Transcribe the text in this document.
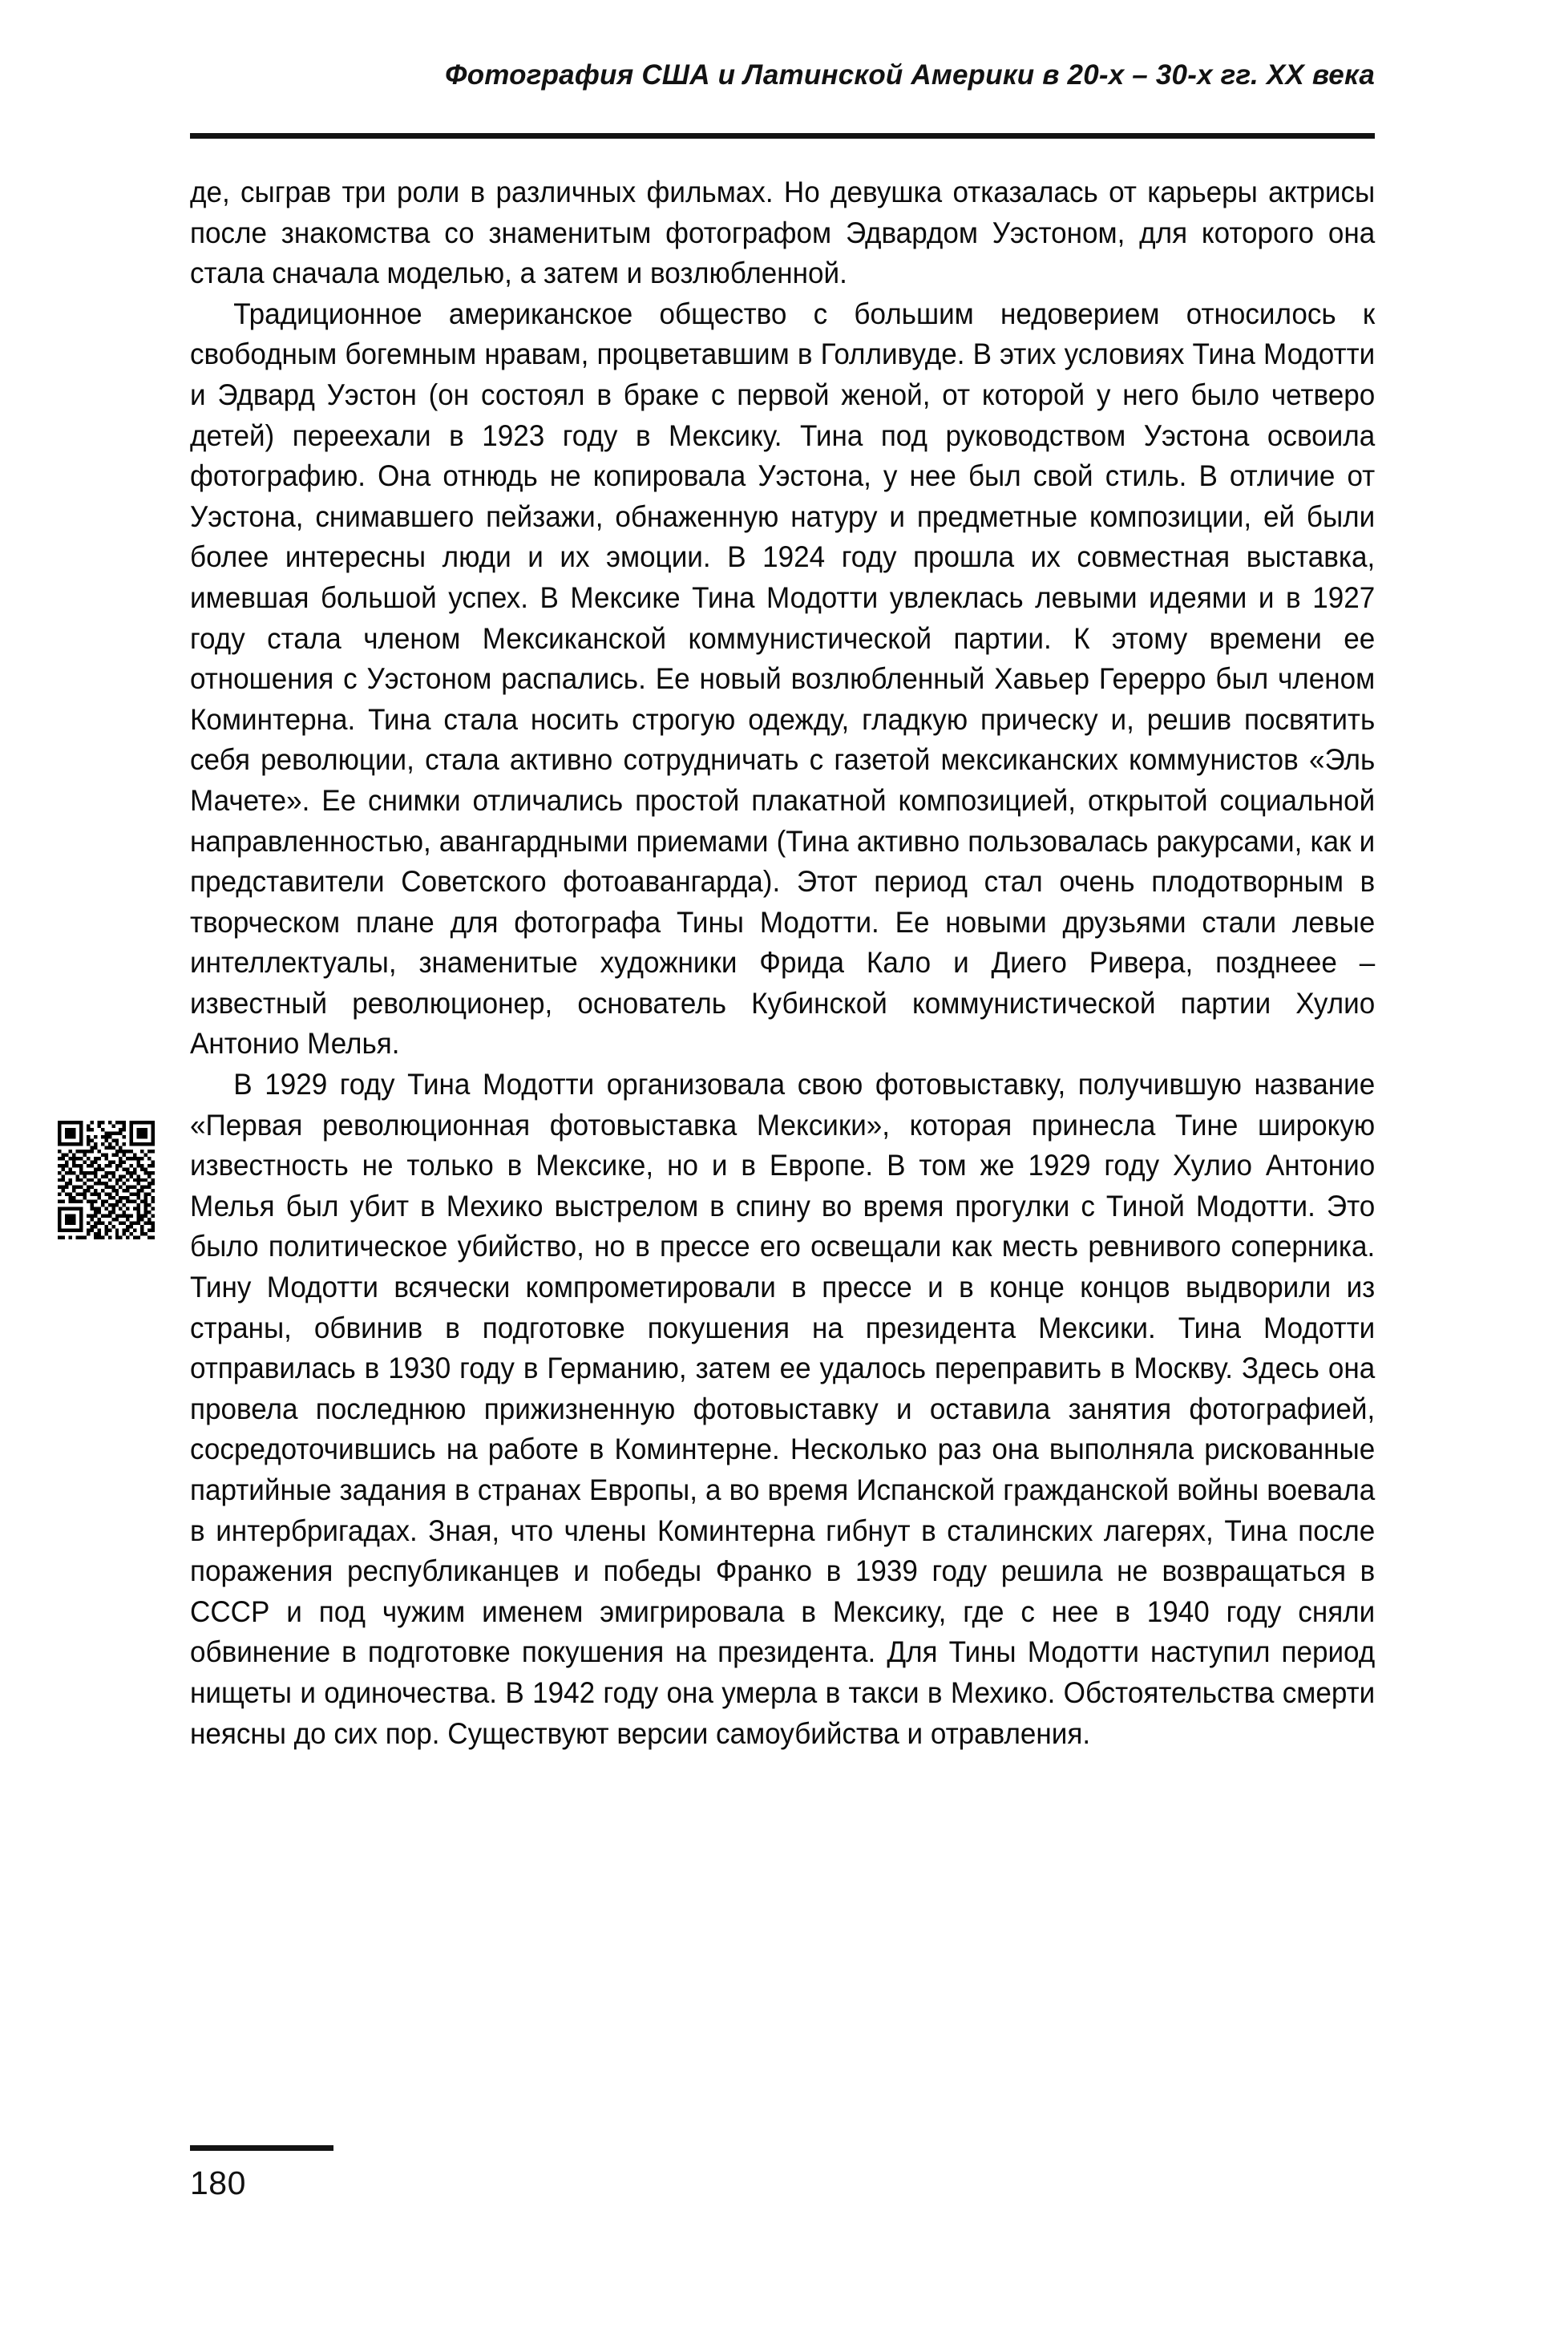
Фотография США и Латинской Америки в 20-х – 30-х гг. XX века

де, сыграв три роли в различных фильмах. Но девушка отказалась от карьеры актрисы после знакомства со знаменитым фотографом Эдвардом Уэстоном, для которого она стала сначала моделью, а затем и возлюбленной.

Традиционное американское общество с большим недоверием относилось к свободным богемным нравам, процветавшим в Голливуде. В этих условиях Тина Модотти и Эдвард Уэстон (он состоял в браке с первой женой, от которой у него было четверо детей) переехали в 1923 году в Мексику. Тина под руководством Уэстона освоила фотографию. Она отнюдь не копировала Уэстона, у нее был свой стиль. В отличие от Уэстона, снимавшего пейзажи, обнаженную натуру и предметные композиции, ей были более интересны люди и их эмоции. В 1924 году прошла их совместная выставка, имевшая большой успех. В Мексике Тина Модотти увлеклась левыми идеями и в 1927 году стала членом Мексиканской коммунистической партии. К этому времени ее отношения с Уэстоном распались. Ее новый возлюбленный Хавьер Герерро был членом Коминтерна. Тина стала носить строгую одежду, гладкую прическу и, решив посвятить себя революции, стала активно сотрудничать с газетой мексиканских коммунистов «Эль Мачете». Ее снимки отличались простой плакатной композицией, открытой социальной направленностью, авангардными приемами (Тина активно пользовалась ракурсами, как и представители Советского фотоавангарда). Этот период стал очень плодотворным в творческом плане для фотографа Тины Модотти. Ее новыми друзьями стали левые интеллектуалы, знаменитые художники Фрида Кало и Диего Ривера, позднеее – известный революционер, основатель Кубинской коммунистической партии Хулио Антонио Мелья.

В 1929 году Тина Модотти организовала свою фотовыставку, получившую название «Первая революционная фотовыставка Мексики», которая принесла Тине широкую известность не только в Мексике, но и в Европе. В том же 1929 году Хулио Антонио Мелья был убит в Мехико выстрелом в спину во время прогулки с Тиной Модотти. Это было политическое убийство, но в прессе его освещали как месть ревнивого соперника. Тину Модотти всячески компрометировали в прессе и в конце концов выдворили из страны, обвинив в подготовке покушения на президента Мексики. Тина Модотти отправилась в 1930 году в Германию, затем ее удалось переправить в Москву. Здесь она провела последнюю прижизненную фотовыставку и оставила занятия фотографией, сосредоточившись на работе в Коминтерне. Несколько раз она выполняла рискованные партийные задания в странах Европы, а во время Испанской гражданской войны воевала в интербригадах. Зная, что члены Коминтерна гибнут в сталинских лагерях, Тина после поражения республиканцев и победы Франко в 1939 году решила не возвращаться в СССР и под чужим именем эмигрировала в Мексику, где с нее в 1940 году сняли обвинение в подготовке покушения на президента. Для Тины Модотти наступил период нищеты и одиночества. В 1942 году она умерла в такси в Мехико. Обстоятельства смерти неясны до сих пор. Существуют версии самоубийства и отравления.

180
